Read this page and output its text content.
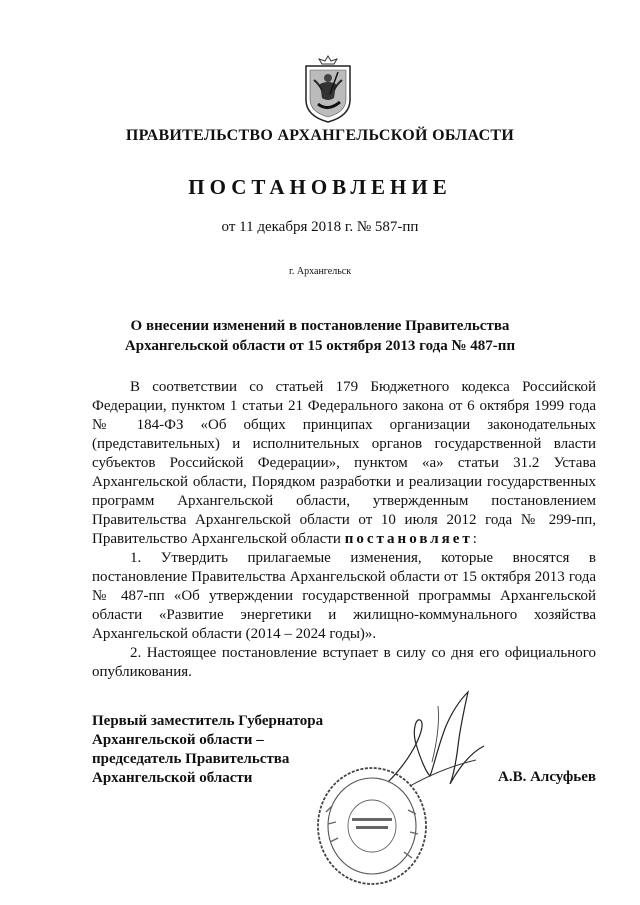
ПРАВИТЕЛЬСТВО АРХАНГЕЛЬСКОЙ ОБЛАСТИ
ПОСТАНОВЛЕНИЕ
от 11 декабря 2018 г. № 587-пп
г. Архангельск
О внесении изменений в постановление Правительства
Архангельской области от 15 октября 2013 года № 487-пп

В соответствии со статьей 179 Бюджетного кодекса Российской Федерации, пунктом 1 статьи 21 Федерального закона от 6 октября 1999 года № 184-ФЗ «Об общих принципах организации законодательных (представительных) и исполнительных органов государственной власти субъектов Российской Федерации», пунктом «а» статьи 31.2 Устава Архангельской области, Порядком разработки и реализации государственных программ Архангельской области, утвержденным постановлением Правительства Архангельской области от 10 июля 2012 года № 299-пп, Правительство Архангельской области постановляет:

1. Утвердить прилагаемые изменения, которые вносятся в постановление Правительства Архангельской области от 15 октября 2013 года № 487-пп «Об утверждении государственной программы Архангельской области «Развитие энергетики и жилищно-коммунального хозяйства Архангельской области (2014 – 2024 годы)».

2. Настоящее постановление вступает в силу со дня его официального опубликования.

Первый заместитель Губернатора
Архангельской области –
председатель Правительства
Архангельской области	А.В. Алсуфьев
